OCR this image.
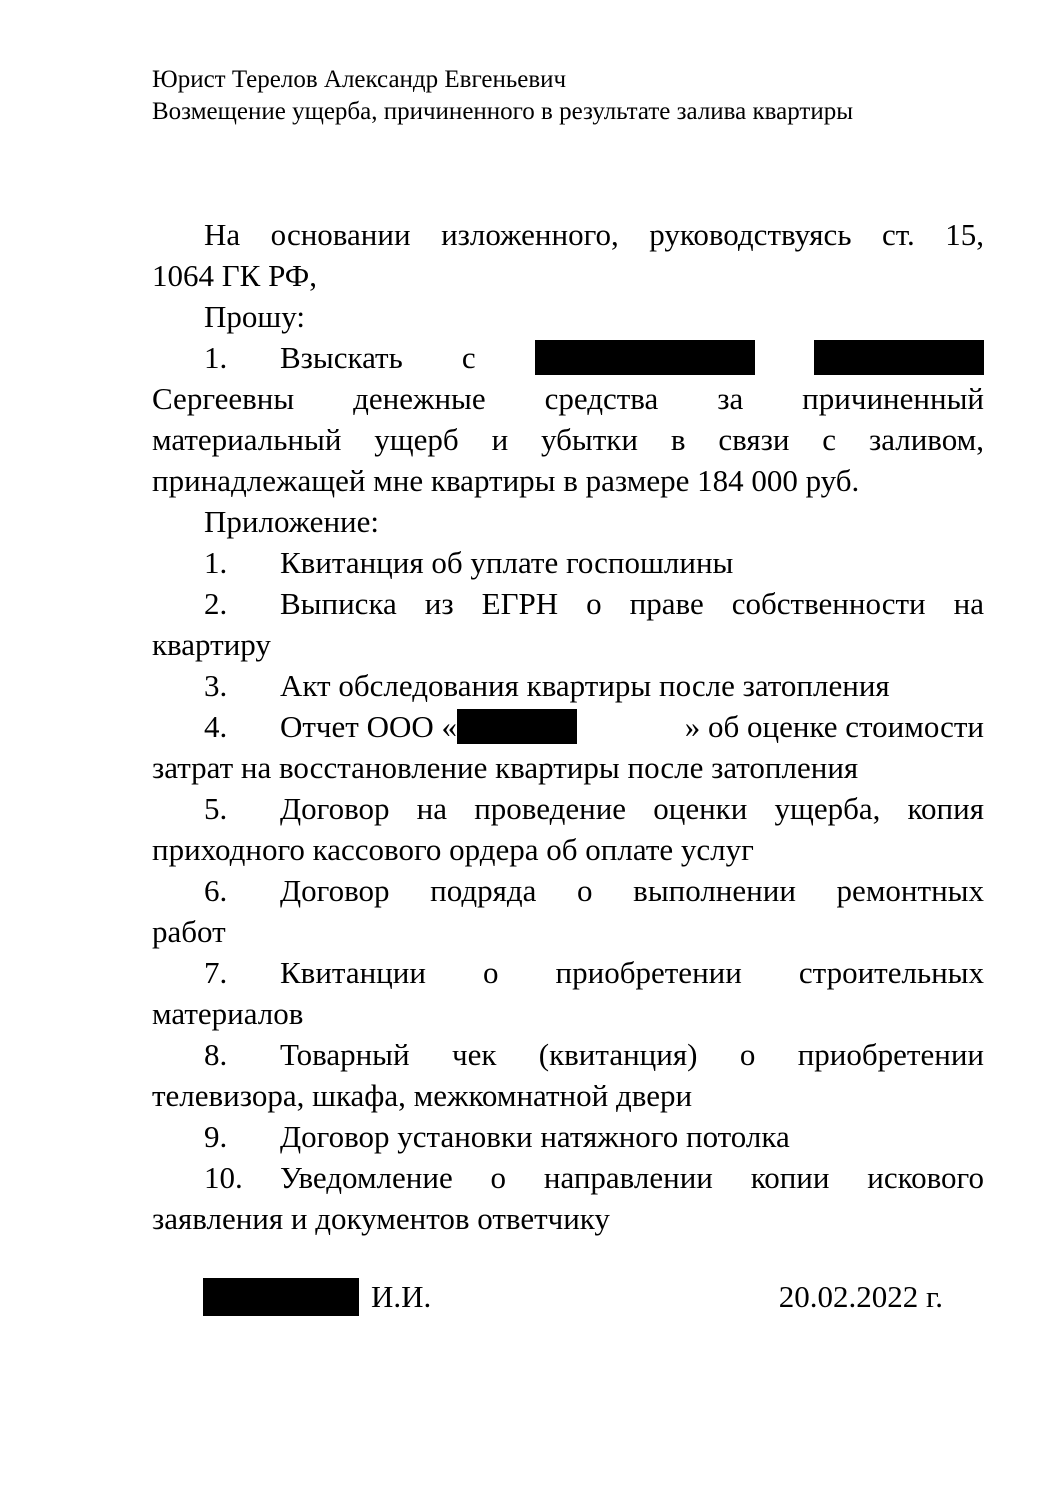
Юрист Терелов Александр Евгеньевич
Возмещение ущерба, причиненного в результате залива квартиры

На основании изложенного, руководствуясь ст. 15,

1064 ГК РФ,

Прошу:

1.	Взыскать с

Сергеевны денежные средства за причиненный

материальный ущерб и убытки в связи с заливом,

принадлежащей мне квартиры в размере 184 000 руб.

Приложение:

1.	Квитанция об уплате госпошлины
2.	Выписка из ЕГРН о праве собственности на

квартиру

3.	Акт обследования квартиры после затопления
4.	Отчет ООО «	» об оценке стоимости

затрат на восстановление квартиры после затопления

5.	Договор на проведение оценки ущерба, копия

приходного кассового ордера об оплате услуг

6.	Договор подряда о выполнении ремонтных

работ

7.	Квитанции о приобретении строительных

материалов

8.	Товарный чек (квитанция) о приобретении

телевизора, шкафа, межкомнатной двери

9.	Договор установки натяжного потолка
10.	Уведомление о направлении копии искового

заявления и документов ответчику

И.И.	20.02.2022 г.
